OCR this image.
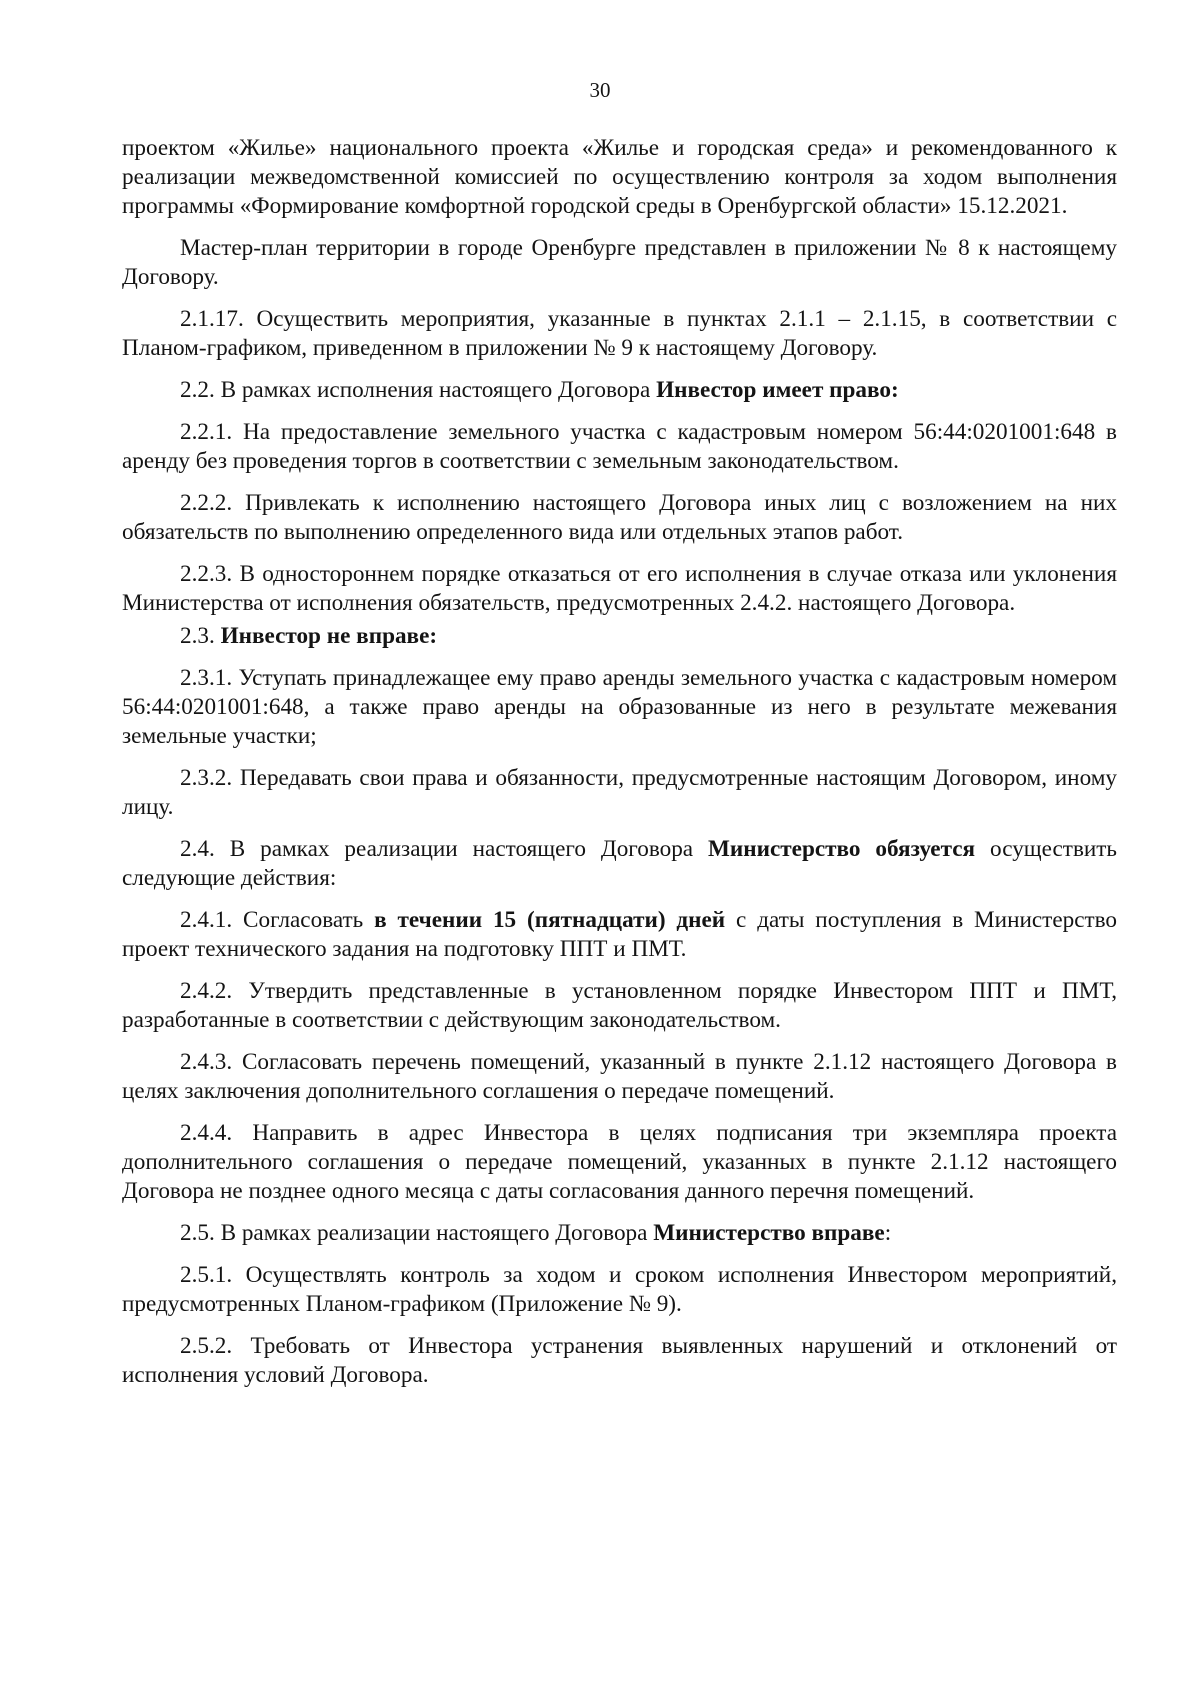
30

проектом «Жилье» национального проекта «Жилье и городская среда» и рекомендованного к реализации межведомственной комиссией по осуществлению контроля за ходом выполнения программы «Формирование комфортной городской среды в Оренбургской области» 15.12.2021.

Мастер-план территории в городе Оренбурге представлен в приложении № 8 к настоящему Договору.

2.1.17. Осуществить мероприятия, указанные в пунктах 2.1.1 – 2.1.15, в соответствии с Планом-графиком, приведенном в приложении № 9 к настоящему Договору.

2.2. В рамках исполнения настоящего Договора Инвестор имеет право:

2.2.1. На предоставление земельного участка с кадастровым номером 56:44:0201001:648 в аренду без проведения торгов в соответствии с земельным законодательством.

2.2.2. Привлекать к исполнению настоящего Договора иных лиц с возложением на них обязательств по выполнению определенного вида или отдельных этапов работ.

2.2.3. В одностороннем порядке отказаться от его исполнения в случае отказа или уклонения Министерства от исполнения обязательств, предусмотренных 2.4.2. настоящего Договора.

2.3. Инвестор не вправе:

2.3.1. Уступать принадлежащее ему право аренды земельного участка с кадастровым номером 56:44:0201001:648, а также право аренды на образованные из него в результате межевания земельные участки;

2.3.2. Передавать свои права и обязанности, предусмотренные настоящим Договором, иному лицу.

2.4. В рамках реализации настоящего Договора Министерство обязуется осуществить следующие действия:

2.4.1. Согласовать в течении 15 (пятнадцати) дней с даты поступления в Министерство проект технического задания на подготовку ППТ и ПМТ.

2.4.2. Утвердить представленные в установленном порядке Инвестором ППТ и ПМТ, разработанные в соответствии с действующим законодательством.

2.4.3. Согласовать перечень помещений, указанный в пункте 2.1.12 настоящего Договора в целях заключения дополнительного соглашения о передаче помещений.

2.4.4. Направить в адрес Инвестора в целях подписания три экземпляра проекта дополнительного соглашения о передаче помещений, указанных в пункте 2.1.12 настоящего Договора не позднее одного месяца с даты согласования данного перечня помещений.

2.5. В рамках реализации настоящего Договора Министерство вправе:

2.5.1. Осуществлять контроль за ходом и сроком исполнения Инвестором мероприятий, предусмотренных Планом-графиком (Приложение № 9).

2.5.2. Требовать от Инвестора устранения выявленных нарушений и отклонений от исполнения условий Договора.
